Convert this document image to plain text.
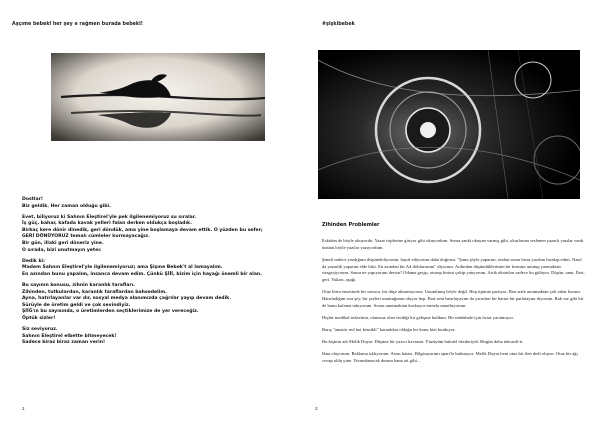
Aşçıme bebekl her şey e rağmen burada bebekl!

Dostlar!
Biz geldik. Her zaman olduğu gibi.

Evet, biliyoruz ki Sahnın Eleştirel'yle pek ilgilenemiyoruz su sıralar.
İş güç, bahar, kafada kavak yelleri falan derken oldukça boşladık.
Birkaç kere dönir dinedik, geri döndük, ama yine boşlamaya devam ettik. O yüzden bu sefer;
GERİ DÖNÜYORUZ temalı cümleler kurmayacağız.
Bir gün, illaki geri döneriz yine.
O sırada, bizi unutmayın yeter.

Dedik ki:
Madem Sahnın Eleştirel'yle ilgilenemiyoruz; ama Şişme Bebek't al lamayalım.
En azından bunu yapalım, insanca devam edim. Çünkü Şİİİ, bizim için hayağı önemli bir alan.

Bu sayının konusu, zihnin karanlık tarafları.
Zihinden, tutkulardan, karanlık taraflardan bahsedelim.
Ayna, hatırlayanlar var dır, sosyal medya alanımızda çağrılar yayıp devam dedik.
Sürüyle de öretim geldi ve çok sevindiyiz.
ŞİİĞ'ın bu sayısında, o üretimlerden seçtiklerimize de yer vereceğiz.
Öptük sizler!

Siz seviyoruz.
Sahnın Eleştirel elbette bitmeyecek!
Sadece biraz biraz zaman verin!

1
#şişkibebek
Zihinden Problemler

Eskiden de böyle okuyordu. Yazar triplerine giriyor gibi okuyordum. Sonra sanki okuyan varmış gibi, okurlarına seslenen yazarlı yazılar vardı üstünü böyle yazılar yazıyordum.

Şimdi sadece yazdığımı düşünebiliyorum, hayal ediyorum daha doğrusu. "Şunu şöyle yaparım, ondan sonra biraz yazdım bırakıp edim. Nasıl da yazarlık yaparım elde bitti. En azından bir A4 doldururum" diyorum. Ardından düşündüklerimin bir kısmını unutup yazmaktan vazgeçiyorum. Sonra ne yapıyorum dersin? Odama geçip, oturup birimi çekip yatıyorum. Artık ekranları sadece bu gülüyor. Düşün, unut. İleri, geri. Yukarı, aşağı.

Otuz birin ensesinde bir sonuca, bir düşe aktarmıyoruz. Unutulmuş böyle değil. Hep tipimiz partiyor. Ben artık unutmaktan çok rahat korum. Hatırladığım sıra şey, bir şeyleri unuttuğumu oluyor hep. Bari seni hatırlayayım da yarınları bir hatıra bir parlatayım diyorum. Bak var gibi bir de bunu kafama takıyorum. Sonra unutmaktan korkuyor mesela umutluyorum.

Hiçbir medikal tedavinin, olumsuz olan verdiği bir gelişme buldum. Bir müdahale için fırsat yaratmıyor.

Barış "amatör red hot kemikli" karanlıkta olduğu bir konu bizi bırakıyor.

Bu kişinin adı Melik Duyar. Düşüne bir yazıcı kavramı. Yüzüyüm bulutel eksileriydi. Birgün daha tekrardi-ti.

İkna oluyorum. Reklama tıklıyorum. Asrın hatası. Bilgisayarımı aparı'le bulmuyor: Melik Duyar beni otuz bir ilen dedi oluyor. Otuz bir ağı cevap oldu yine. Yorumlanacak durum bana ait gibi...

2
